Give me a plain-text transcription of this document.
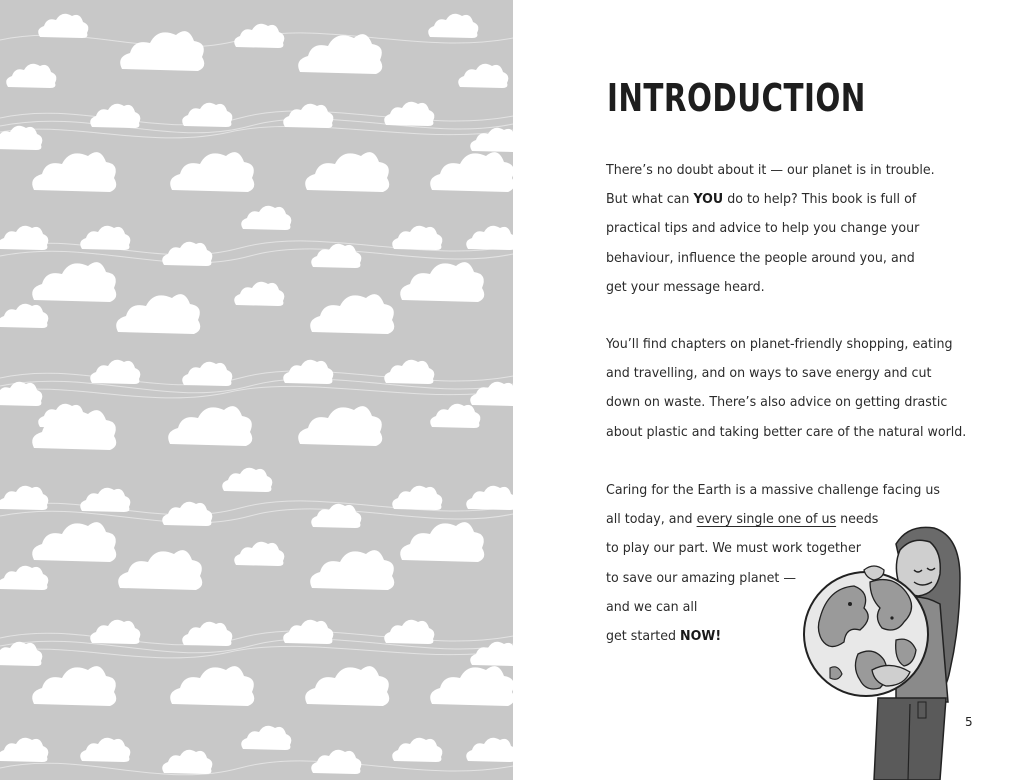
INTRODUCTION

There’s no doubt about it — our planet is in trouble.
But what can YOU do to help? This book is full of
practical tips and advice to help you change your
behaviour, influence the people around you, and
get your message heard.

You’ll find chapters on planet-friendly shopping, eating
and travelling, and on ways to save energy and cut
down on waste. There’s also advice on getting drastic
about plastic and taking better care of the natural world.

Caring for the Earth is a massive challenge facing us
all today, and every single one of us needs
to play our part. We must work together
to save our amazing planet —
and we can all
get started NOW!

5
